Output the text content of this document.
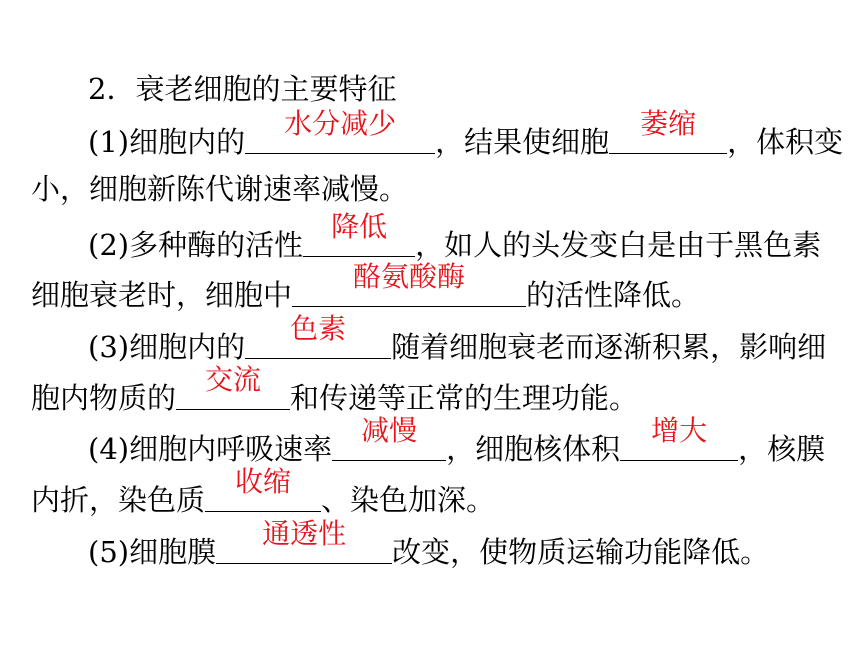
2．衰老细胞的主要特征
(1)细胞内的
水分减少
，结果使细胞
萎缩
，体积变
小，细胞新陈代谢速率减慢。
(2)多种酶的活性
降低
，如人的头发变白是由于黑色素
细胞衰老时，细胞中
酪氨酸酶
的活性降低。
(3)细胞内的
色素
随着细胞衰老而逐渐积累，影响细
胞内物质的
交流
和传递等正常的生理功能。
(4)细胞内呼吸速率
减慢
，细胞核体积
增大
，核膜
内折，染色质
收缩
、染色加深。
(5)细胞膜
通透性
改变，使物质运输功能降低。
